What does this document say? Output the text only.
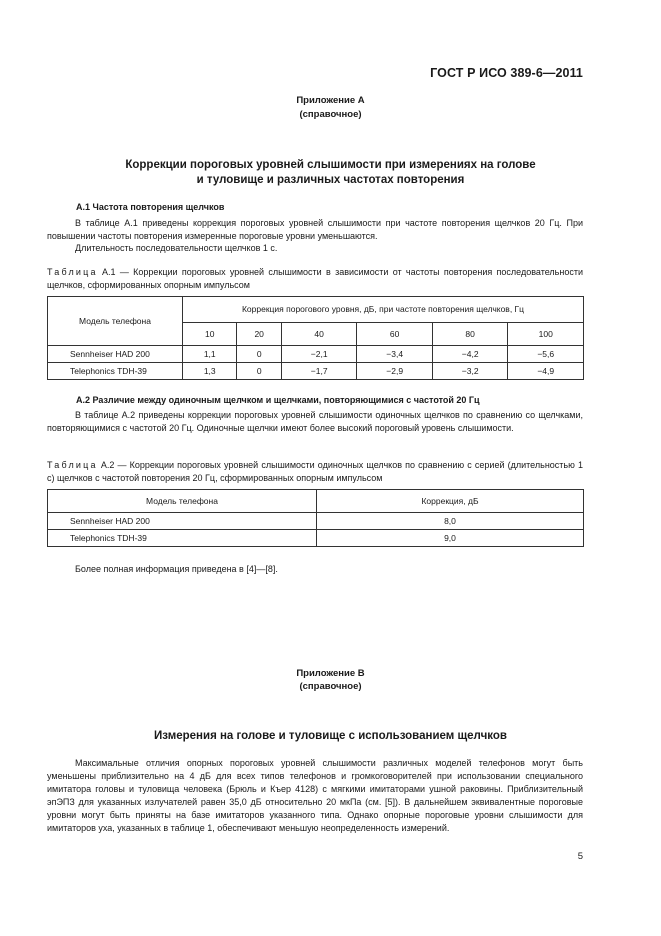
ГОСТ Р ИСО 389-6—2011
Приложение А
(справочное)
Коррекции пороговых уровней слышимости при измерениях на голове
и туловище и различных частотах повторения
А.1 Частота повторения щелчков
В таблице А.1 приведены коррекция пороговых уровней слышимости при частоте повторения щелчков 20 Гц. При повышении частоты повторения измеренные пороговые уровни уменьшаются.
Длительность последовательности щелчков 1 с.
Таблица А.1 — Коррекции пороговых уровней слышимости в зависимости от частоты повторения последовательности щелчков, сформированных опорным импульсом
Модель телефона	Коррекция порогового уровня, дБ, при частоте повторения щелчков, Гц					
	10	20	40	60	80	100
Sennheiser HAD 200	1,1	0	−2,1	−3,4	−4,2	−5,6
Telephonics TDH-39	1,3	0	−1,7	−2,9	−3,2	−4,9
А.2 Различие между одиночным щелчком и щелчками, повторяющимися с частотой 20 Гц
В таблице А.2 приведены коррекции пороговых уровней слышимости одиночных щелчков по сравнению со щелчками, повторяющимися с частотой 20 Гц. Одиночные щелчки имеют более высокий пороговый уровень слышимости.
Таблица А.2 — Коррекции пороговых уровней слышимости одиночных щелчков по сравнению с серией (длительностью 1 с) щелчков с частотой повторения 20 Гц, сформированных опорным импульсом
Модель телефона	Коррекция, дБ
Sennheiser HAD 200	8,0
Telephonics TDH-39	9,0
Более полная информация приведена в [4]—[8].
Приложение В
(справочное)
Измерения на голове и туловище с использованием щелчков
Максимальные отличия опорных пороговых уровней слышимости различных моделей телефонов могут быть уменьшены приблизительно на 4 дБ для всех типов телефонов и громкоговорителей при использовании специального имитатора головы и туловища человека (Брюль и Къер 4128) с мягкими имитаторами ушной раковины. Приблизительный эпЭПЗ для указанных излучателей равен 35,0 дБ относительно 20 мкПа (см. [5]). В дальнейшем эквивалентные пороговые уровни могут быть приняты на базе имитаторов указанного типа. Однако опорные пороговые уровни слышимости для имитаторов уха, указанных в таблице 1, обеспечивают меньшую неопределенность измерений.
5
